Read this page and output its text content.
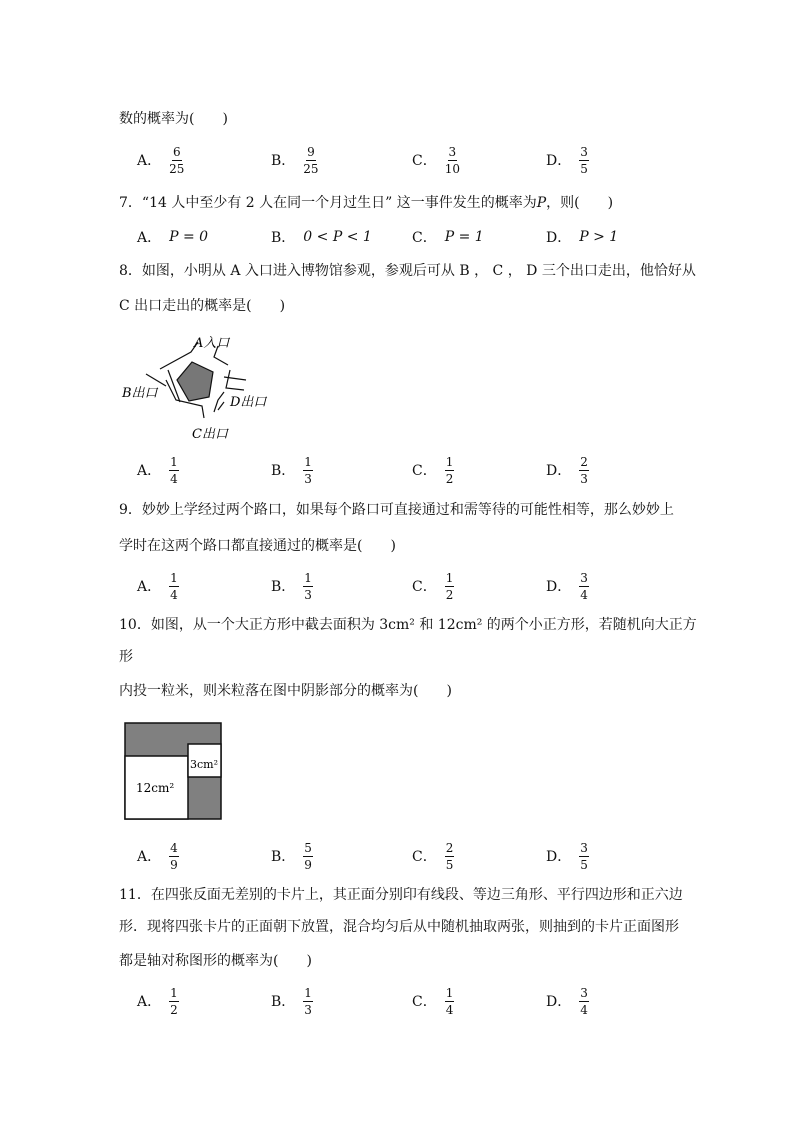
数的概率为(　　)
A． $\frac{6}{25}$	B． $\frac{9}{25}$	C． $\frac{3}{10}$	D． $\frac{3}{5}$
7．“14 人中至少有 2 人在同一个月过生日” 这一事件发生的概率为P，则(　　)
A． P = 0	B． 0 < P < 1	C． P = 1	D． P > 1
8．如图，小明从 A 入口进入博物馆参观，参观后可从 B ， C ， D 三个出口走出，他恰好从
C 出口走出的概率是(　　)
A入口
B出口
D出口
C出口
A． $\frac{1}{4}$	B． $\frac{1}{3}$	C． $\frac{1}{2}$	D． $\frac{2}{3}$
9．妙妙上学经过两个路口，如果每个路口可直接通过和需等待的可能性相等，那么妙妙上
学时在这两个路口都直接通过的概率是(　　)
A． $\frac{1}{4}$	B． $\frac{1}{3}$	C． $\frac{1}{2}$	D． $\frac{3}{4}$
10．如图，从一个大正方形中截去面积为 3cm² 和 12cm² 的两个小正方形，若随机向大正方
形
内投一粒米，则米粒落在图中阴影部分的概率为(　　)
12cm²
3cm²
A． $\frac{4}{9}$	B． $\frac{5}{9}$	C． $\frac{2}{5}$	D． $\frac{3}{5}$
11．在四张反面无差别的卡片上，其正面分别印有线段、等边三角形、平行四边形和正六边
形．现将四张卡片的正面朝下放置，混合均匀后从中随机抽取两张，则抽到的卡片正面图形
都是轴对称图形的概率为(　　)
A． $\frac{1}{2}$	B． $\frac{1}{3}$	C． $\frac{1}{4}$	D． $\frac{3}{4}$
